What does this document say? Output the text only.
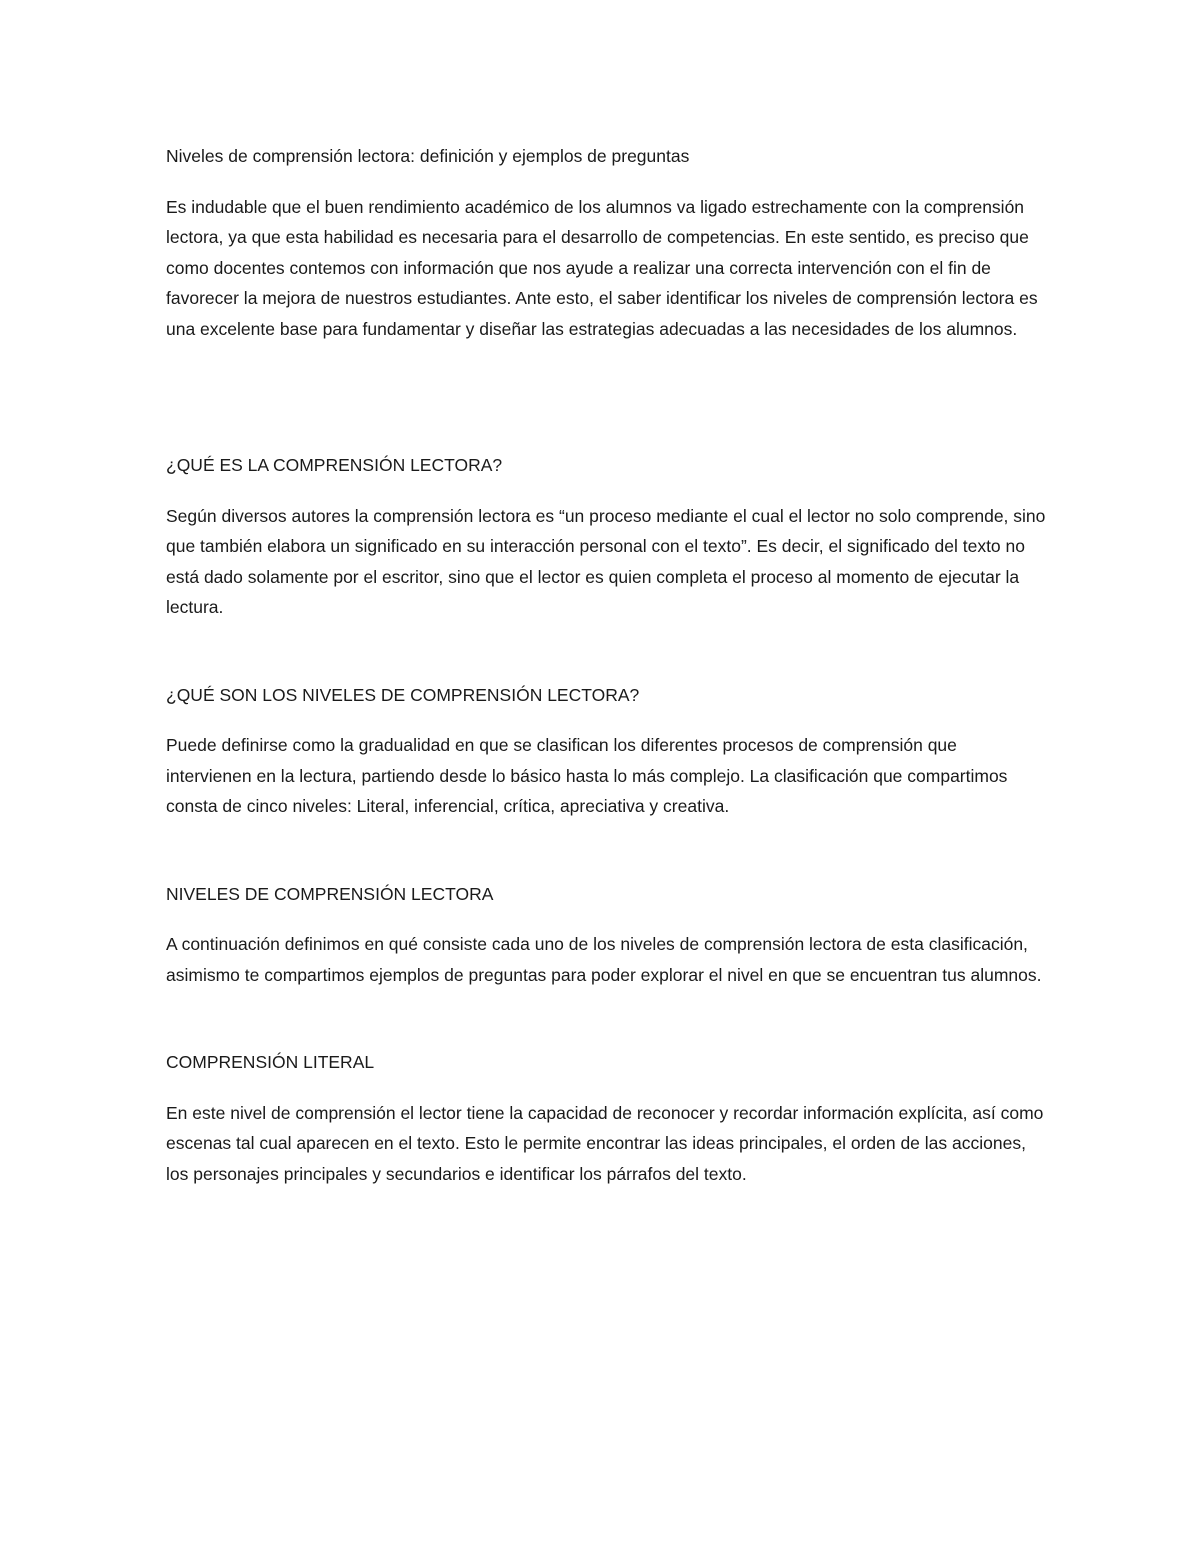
Niveles de comprensión lectora: definición y ejemplos de preguntas

Es indudable que el buen rendimiento académico de los alumnos va ligado estrechamente con la comprensión lectora, ya que esta habilidad es necesaria para el desarrollo de competencias. En este sentido, es preciso que como docentes contemos con información que nos ayude a realizar una correcta intervención con el fin de favorecer la mejora de nuestros estudiantes. Ante esto, el saber identificar los niveles de comprensión lectora es una excelente base para fundamentar y diseñar las estrategias adecuadas a las necesidades de los alumnos.

¿QUÉ ES LA COMPRENSIÓN LECTORA?

Según diversos autores la comprensión lectora es “un proceso mediante el cual el lector no solo comprende, sino que también elabora un significado en su interacción personal con el texto”. Es decir, el significado del texto no está dado solamente por el escritor, sino que el lector es quien completa el proceso al momento de ejecutar la lectura.

¿QUÉ SON LOS NIVELES DE COMPRENSIÓN LECTORA?

Puede definirse como la gradualidad en que se clasifican los diferentes procesos de comprensión que intervienen en la lectura, partiendo desde lo básico hasta lo más complejo. La clasificación que compartimos consta de cinco niveles: Literal, inferencial, crítica, apreciativa y creativa.

NIVELES DE COMPRENSIÓN LECTORA

A continuación definimos en qué consiste cada uno de los niveles de comprensión lectora de esta clasificación, asimismo te compartimos ejemplos de preguntas para poder explorar el nivel en que se encuentran tus alumnos.

COMPRENSIÓN LITERAL

En este nivel de comprensión el lector tiene la capacidad de reconocer y recordar información explícita, así como escenas tal cual aparecen en el texto. Esto le permite encontrar las ideas principales, el orden de las acciones, los personajes principales y secundarios e identificar los párrafos del texto.
